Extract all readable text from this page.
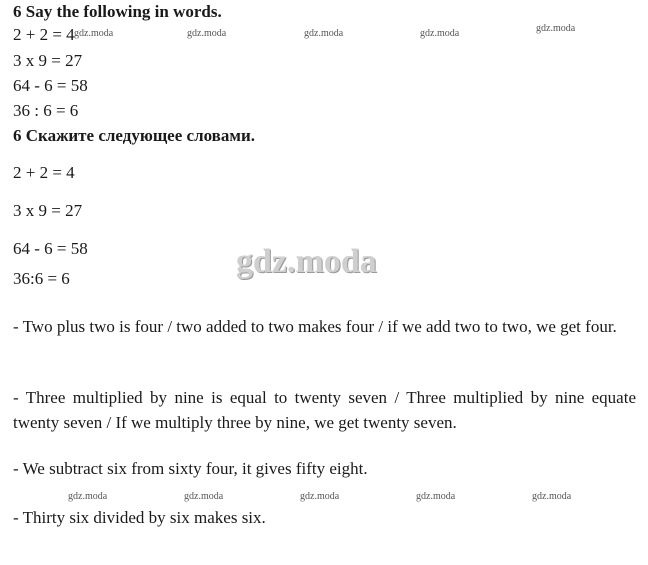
6 Say the following in words.
2 + 2 = 4
3 x 9 = 27
64 - 6 = 58
36 : 6 = 6
6 Скажите следующее словами.
2 + 2 = 4
3 x 9 = 27
64 - 6 = 58
36:6 = 6
- Two plus two is four / two added to two makes four / if we add two to two, we get four.
- Three multiplied by nine is equal to twenty seven / Three multiplied by nine equate twenty seven / If we multiply three by nine, we get twenty seven.
- We subtract six from sixty four, it gives fifty eight.
- Thirty six divided by six makes six.
gdz.moda	gdz.moda	gdz.moda	gdz.moda	gdz.moda
gdz.moda
gdz.moda	gdz.moda	gdz.moda	gdz.moda	gdz.moda
